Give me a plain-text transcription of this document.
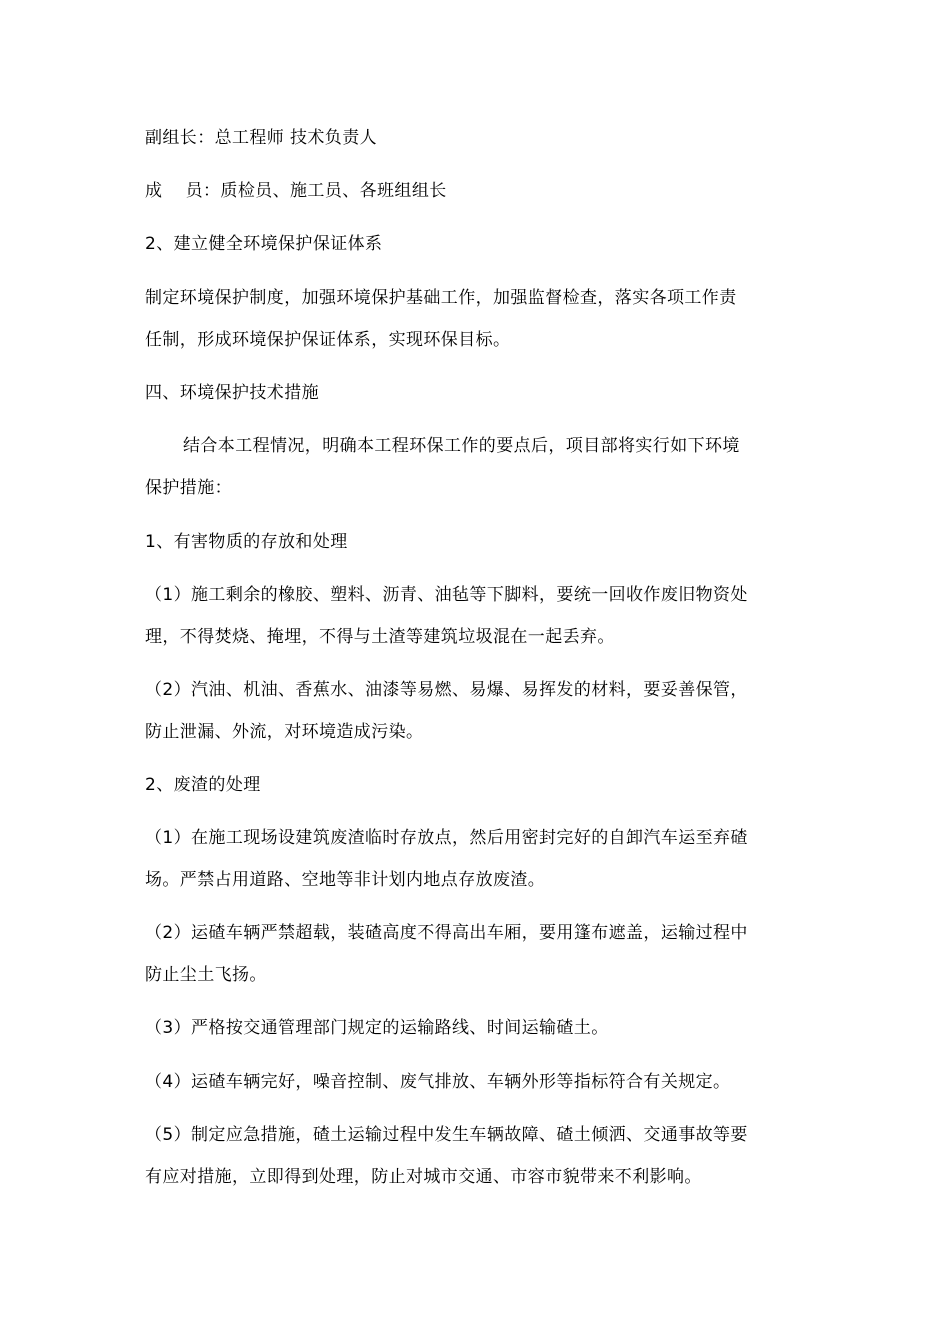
副组长：总工程师 技术负责人
成    员：质检员、施工员、各班组组长
2、建立健全环境保护保证体系
制定环境保护制度，加强环境保护基础工作，加强监督检查，落实各项工作责
任制，形成环境保护保证体系，实现环保目标。
四、环境保护技术措施
结合本工程情况，明确本工程环保工作的要点后，项目部将实行如下环境
保护措施：
1、有害物质的存放和处理
（1）施工剩余的橡胶、塑料、沥青、油毡等下脚料，要统一回收作废旧物资处
理，不得焚烧、掩埋，不得与土渣等建筑垃圾混在一起丢弃。
（2）汽油、机油、香蕉水、油漆等易燃、易爆、易挥发的材料，要妥善保管，
防止泄漏、外流，对环境造成污染。
2、废渣的处理
（1）在施工现场设建筑废渣临时存放点，然后用密封完好的自卸汽车运至弃碴
场。严禁占用道路、空地等非计划内地点存放废渣。
（2）运碴车辆严禁超载，装碴高度不得高出车厢，要用篷布遮盖，运输过程中
防止尘土飞扬。
（3）严格按交通管理部门规定的运输路线、时间运输碴土。
（4）运碴车辆完好，噪音控制、废气排放、车辆外形等指标符合有关规定。
（5）制定应急措施，碴土运输过程中发生车辆故障、碴土倾洒、交通事故等要
有应对措施，立即得到处理，防止对城市交通、市容市貌带来不利影响。
